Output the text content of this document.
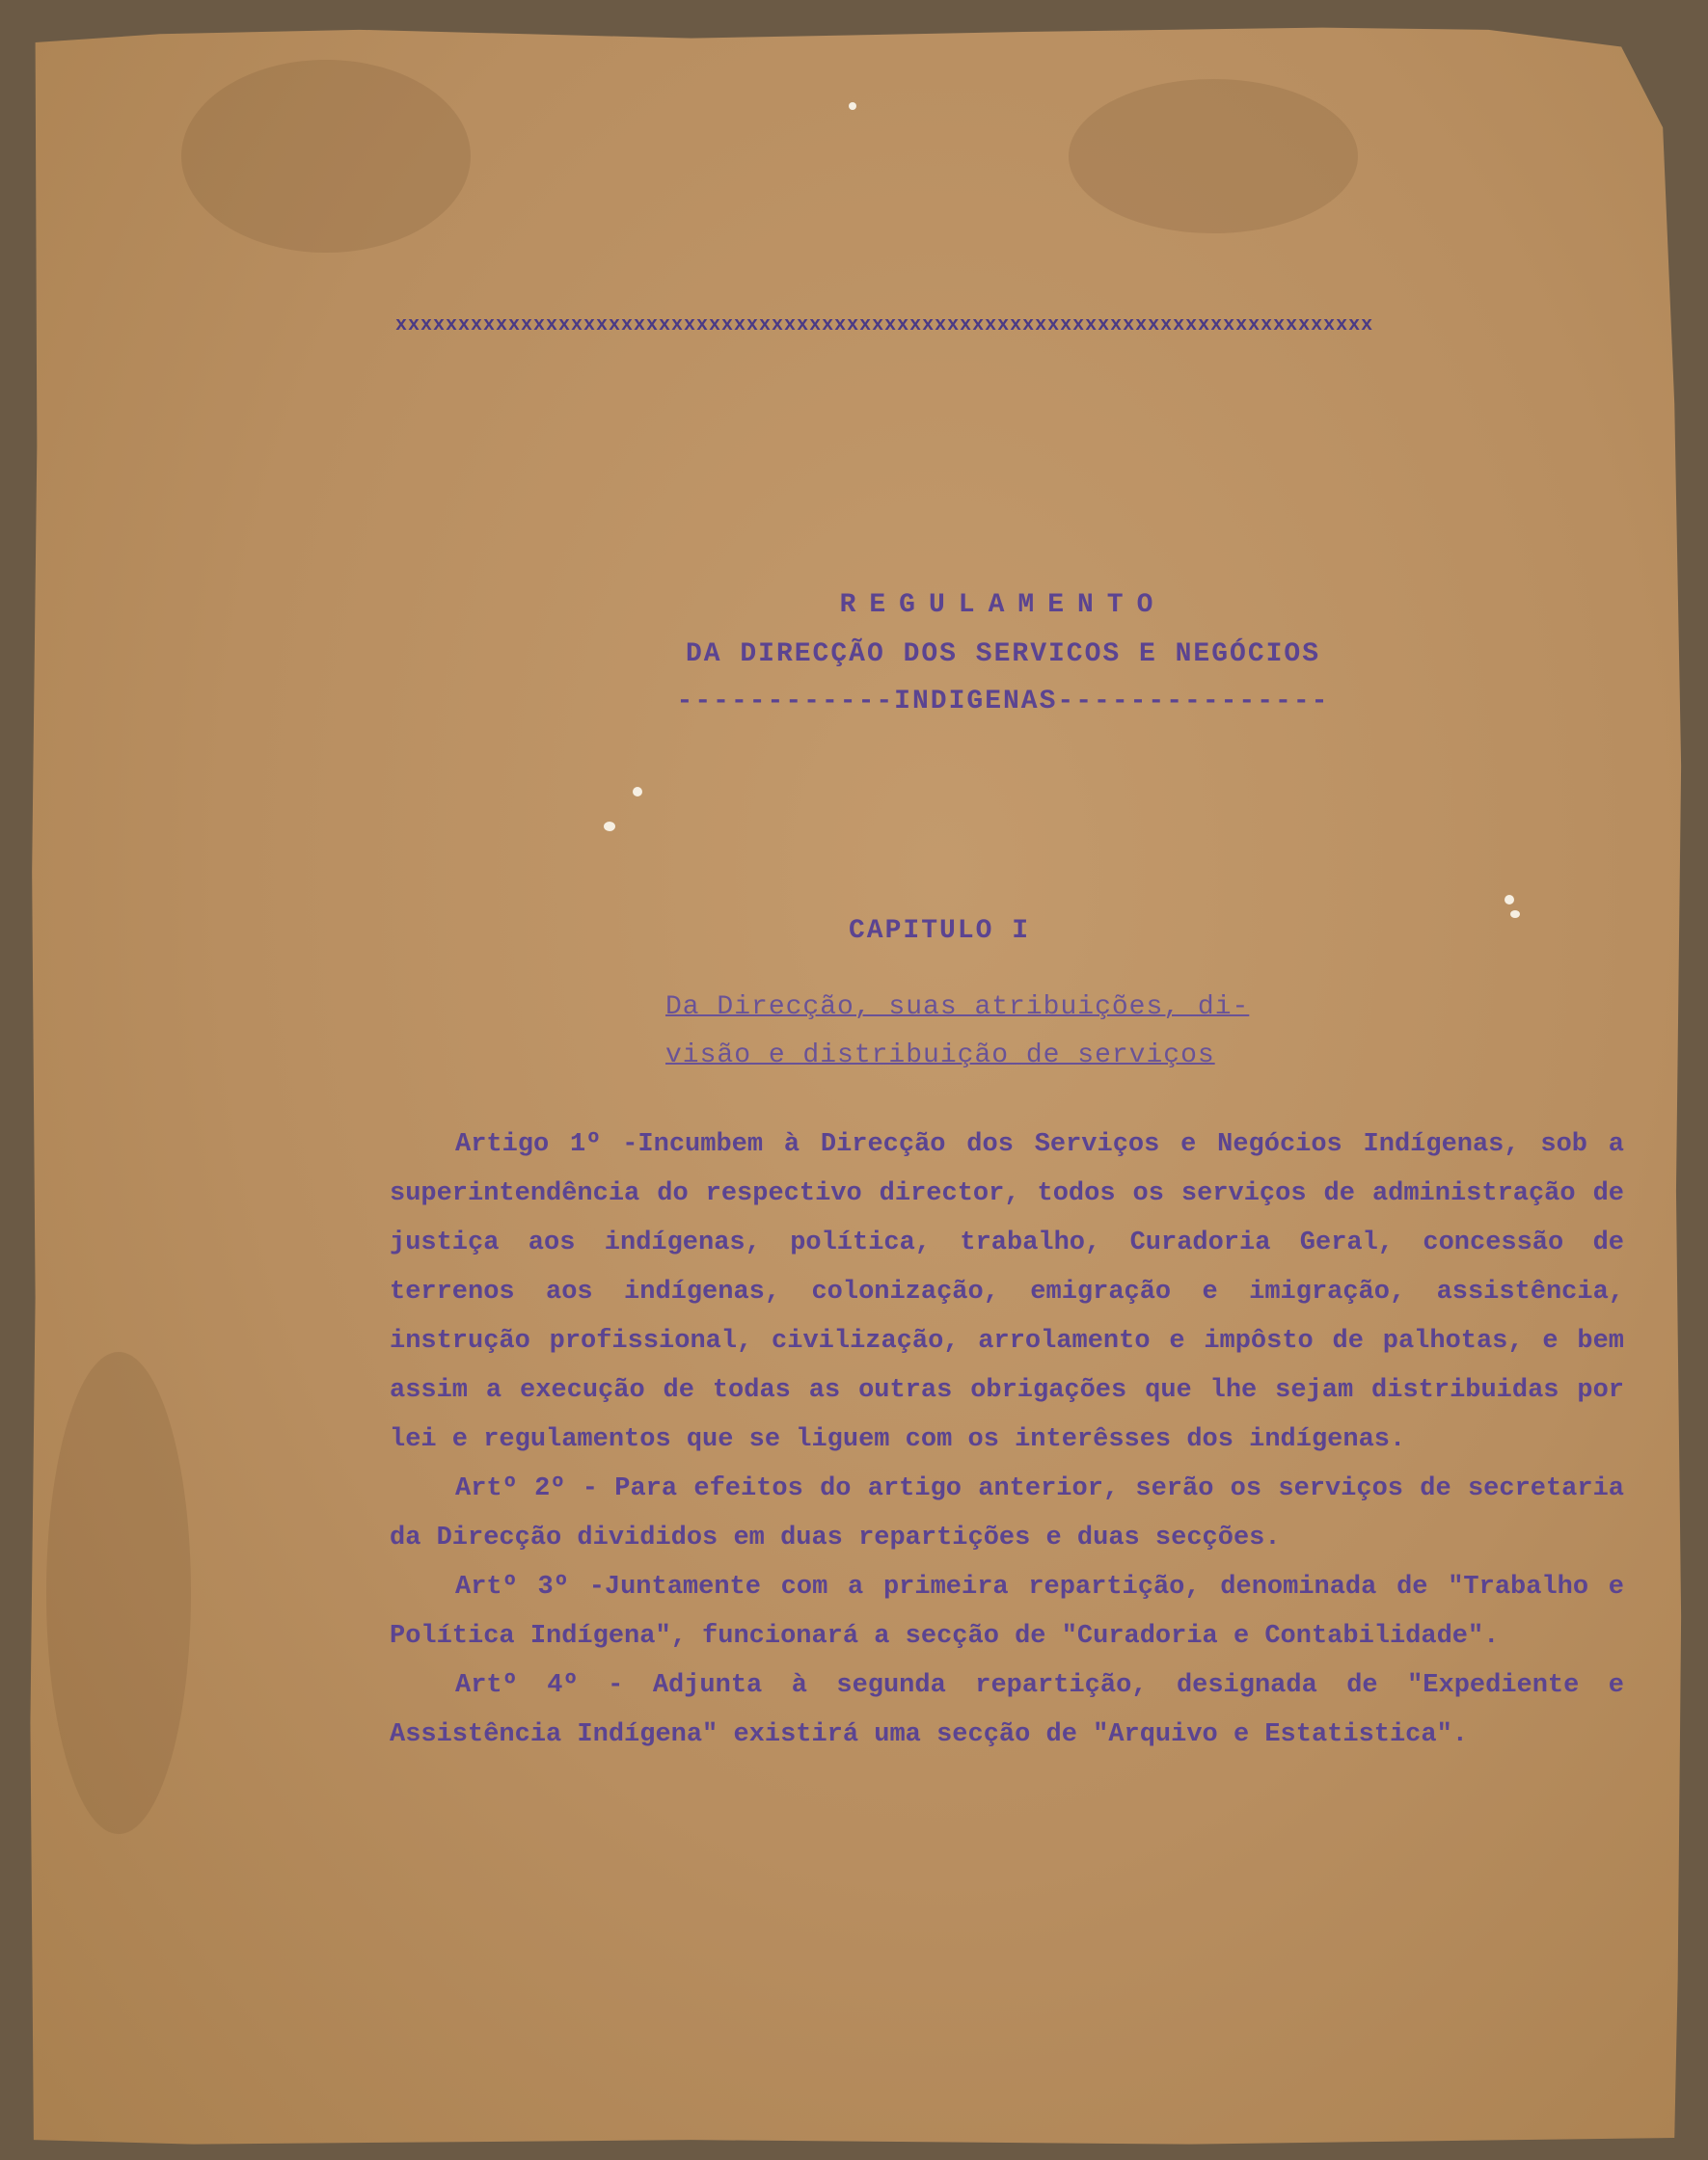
xxxxxxxxxxxxxxxxxxxxxxxxxxxxxxxxxxxxxxxxxxxxxxxxxxxxxxxxxxxxxxxxxxxxxxxxxxxxxx
REGULAMENTO
DA DIRECÇÃO DOS SERVICOS E NEGÓCIOS
------------INDIGENAS---------------
CAPITULO I
Da Direcção, suas atribuições, di-
visão e distribuição de serviços

Artigo 1º -Incumbem à Direcção dos Serviços e Negócios Indígenas, sob a superintendência do respectivo director, todos os serviços de administração de justiça aos indígenas, política, trabalho, Curadoria Geral, concessão de terrenos aos indígenas, colonização, emigração e imigração, assistência, instrução profissional, civilização, arrolamento e impôsto de palhotas, e bem assim a execução de todas as outras obrigações que lhe sejam distribuidas por lei e regulamentos que se liguem com os interêsses dos indígenas.

Artº 2º - Para efeitos do artigo anterior, serão os serviços de secretaria da Direcção divididos em duas repartições e duas secções.

Artº 3º -Juntamente com a primeira repartição, denominada de "Trabalho e Política Indígena", funcionará a secção de "Curadoria e Contabilidade".

Artº 4º - Adjunta à segunda repartição, designada de "Expediente e Assistência Indígena" existirá uma secção de "Arquivo e Estatistica".
